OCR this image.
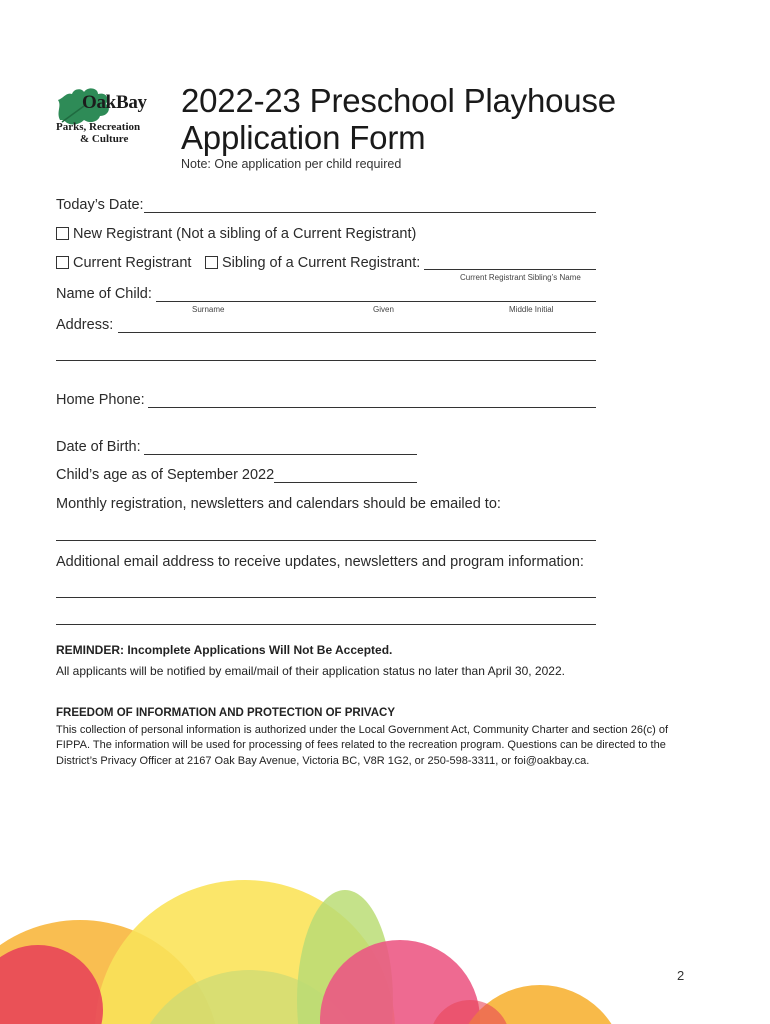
OakBay
Parks, Recreation
& Culture
2022-23 Preschool Playhouse
Application Form
Note: One application per child required
Today’s Date:
New Registrant (Not a sibling of a Current Registrant)
Current Registrant	Sibling of a Current Registrant:
Current Registrant Sibling’s Name
Name of Child:
Surname	Given	Middle Initial
Address:
Home Phone:
Date of Birth:
Child’s age as of September 2022
Monthly registration, newsletters and calendars should be emailed to:
Additional email address to receive updates, newsletters and program information:
REMINDER: Incomplete Applications Will Not Be Accepted.
All applicants will be notified by email/mail of their application status no later than April 30, 2022.
FREEDOM OF INFORMATION AND PROTECTION OF PRIVACY
This collection of personal information is authorized under the Local Government Act, Community Charter and section 26(c) of FIPPA. The information will be used for processing of fees related to the recreation program. Questions can be directed to the District’s Privacy Officer at 2167 Oak Bay Avenue, Victoria BC, V8R 1G2, or 250-598-3311, or foi@oakbay.ca.
2
